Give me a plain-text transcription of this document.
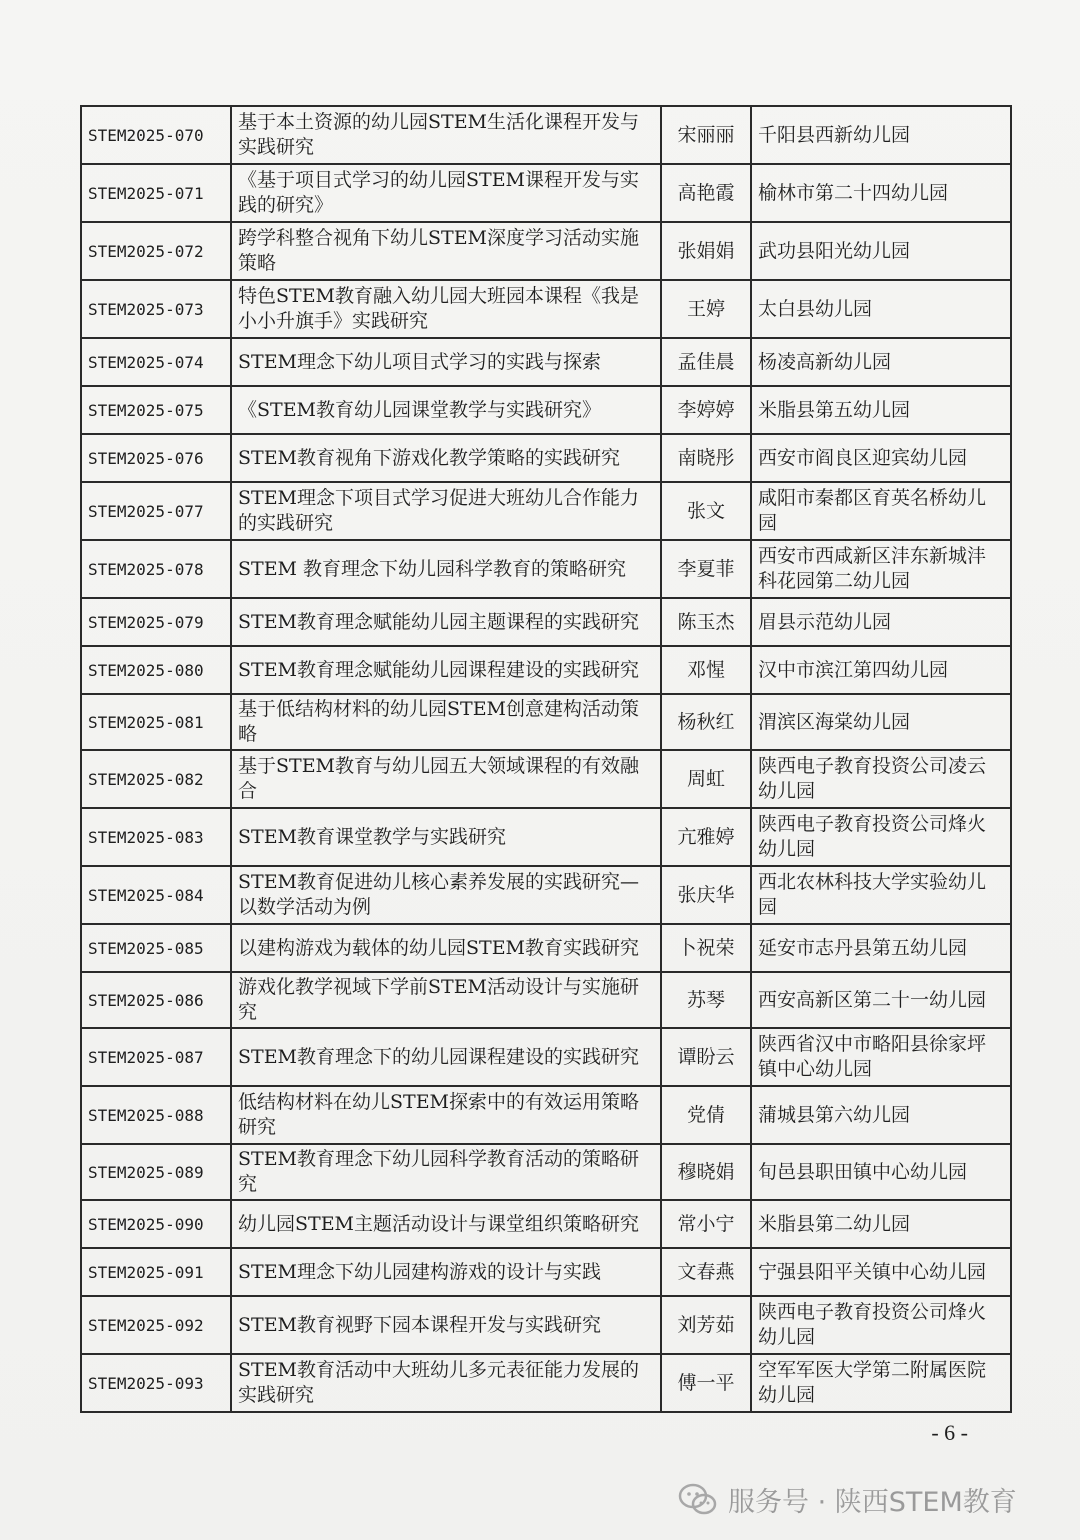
STEM2025-070	基于本土资源的幼儿园STEM生活化课程开发与实践研究	宋丽丽	千阳县西新幼儿园
STEM2025-071	《基于项目式学习的幼儿园STEM课程开发与实践的研究》	高艳霞	榆林市第二十四幼儿园
STEM2025-072	跨学科整合视角下幼儿STEM深度学习活动实施策略	张娟娟	武功县阳光幼儿园
STEM2025-073	特色STEM教育融入幼儿园大班园本课程《我是小小升旗手》实践研究	王婷	太白县幼儿园
STEM2025-074	STEM理念下幼儿项目式学习的实践与探索	孟佳晨	杨凌高新幼儿园
STEM2025-075	《STEM教育幼儿园课堂教学与实践研究》	李婷婷	米脂县第五幼儿园
STEM2025-076	STEM教育视角下游戏化教学策略的实践研究	南晓彤	西安市阎良区迎宾幼儿园
STEM2025-077	STEM理念下项目式学习促进大班幼儿合作能力的实践研究	张文	咸阳市秦都区育英名桥幼儿园
STEM2025-078	STEM 教育理念下幼儿园科学教育的策略研究	李夏菲	西安市西咸新区沣东新城沣科花园第二幼儿园
STEM2025-079	STEM教育理念赋能幼儿园主题课程的实践研究	陈玉杰	眉县示范幼儿园
STEM2025-080	STEM教育理念赋能幼儿园课程建设的实践研究	邓惺	汉中市滨江第四幼儿园
STEM2025-081	基于低结构材料的幼儿园STEM创意建构活动策略	杨秋红	渭滨区海棠幼儿园
STEM2025-082	基于STEM教育与幼儿园五大领域课程的有效融合	周虹	陕西电子教育投资公司凌云幼儿园
STEM2025-083	STEM教育课堂教学与实践研究	亢雅婷	陕西电子教育投资公司烽火幼儿园
STEM2025-084	STEM教育促进幼儿核心素养发展的实践研究—以数学活动为例	张庆华	西北农林科技大学实验幼儿园
STEM2025-085	以建构游戏为载体的幼儿园STEM教育实践研究	卜祝荣	延安市志丹县第五幼儿园
STEM2025-086	游戏化教学视域下学前STEM活动设计与实施研究	苏琴	西安高新区第二十一幼儿园
STEM2025-087	STEM教育理念下的幼儿园课程建设的实践研究	谭盼云	陕西省汉中市略阳县徐家坪镇中心幼儿园
STEM2025-088	低结构材料在幼儿STEM探索中的有效运用策略研究	党倩	蒲城县第六幼儿园
STEM2025-089	STEM教育理念下幼儿园科学教育活动的策略研究	穆晓娟	旬邑县职田镇中心幼儿园
STEM2025-090	幼儿园STEM主题活动设计与课堂组织策略研究	常小宁	米脂县第二幼儿园
STEM2025-091	STEM理念下幼儿园建构游戏的设计与实践	文春燕	宁强县阳平关镇中心幼儿园
STEM2025-092	STEM教育视野下园本课程开发与实践研究	刘芳茹	陕西电子教育投资公司烽火幼儿园
STEM2025-093	STEM教育活动中大班幼儿多元表征能力发展的实践研究	傅一平	空军军医大学第二附属医院幼儿园
- 6 -
服务号 · 陕西STEM教育
